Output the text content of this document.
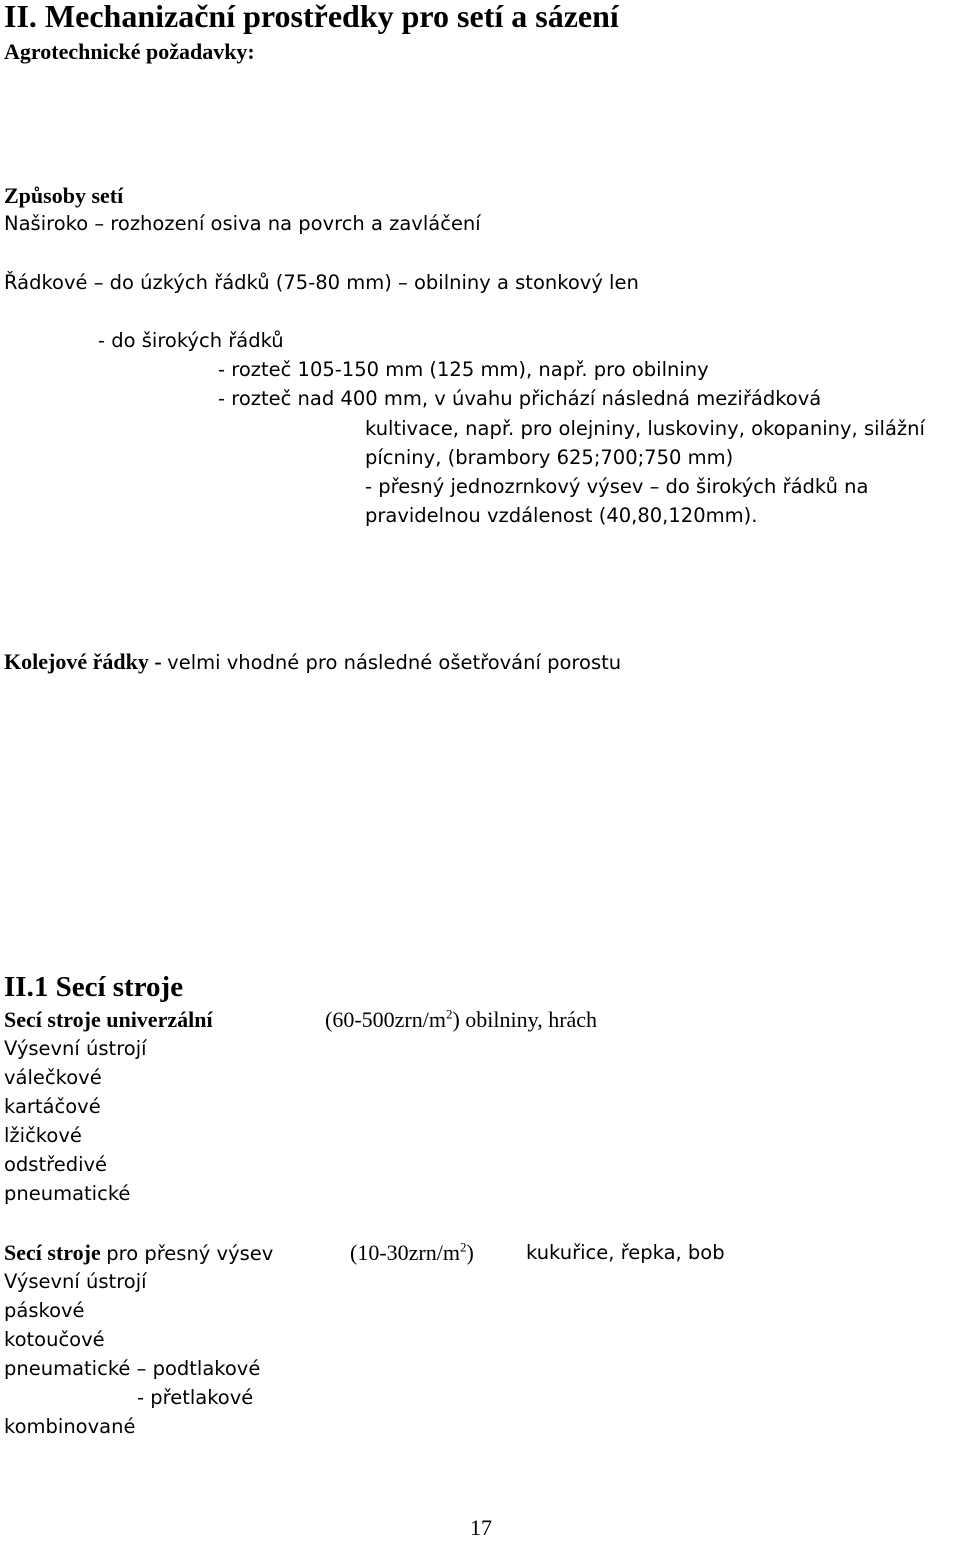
II. Mechanizační prostředky pro setí a sázení
Agrotechnické požadavky:
Způsoby setí
Naširoko – rozhození osiva na povrch a zavláčení
Řádkové – do úzkých řádků (75-80 mm) – obilniny a stonkový len
- do širokých řádků
- rozteč 105-150 mm (125 mm), např. pro obilniny
- rozteč nad 400 mm, v úvahu přichází následná meziřádková
kultivace, např. pro olejniny, luskoviny, okopaniny, silážní
pícniny, (brambory 625;700;750 mm)
- přesný jednozrnkový výsev – do širokých řádků na
pravidelnou vzdálenost (40,80,120mm).
Kolejové řádky - velmi vhodné pro následné ošetřování porostu
II.1 Secí stroje
Secí stroje univerzální	$(60-500zrn/m^2)$ obilniny, hrách
Výsevní ústrojí
válečkové
kartáčové
lžičkové
odstředivé
pneumatické
Secí stroje pro přesný výsev	$(10-30zrn/m^2)$	kukuřice, řepka, bob
Výsevní ústrojí
páskové
kotoučové
pneumatické – podtlakové
- přetlakové
kombinované
17
